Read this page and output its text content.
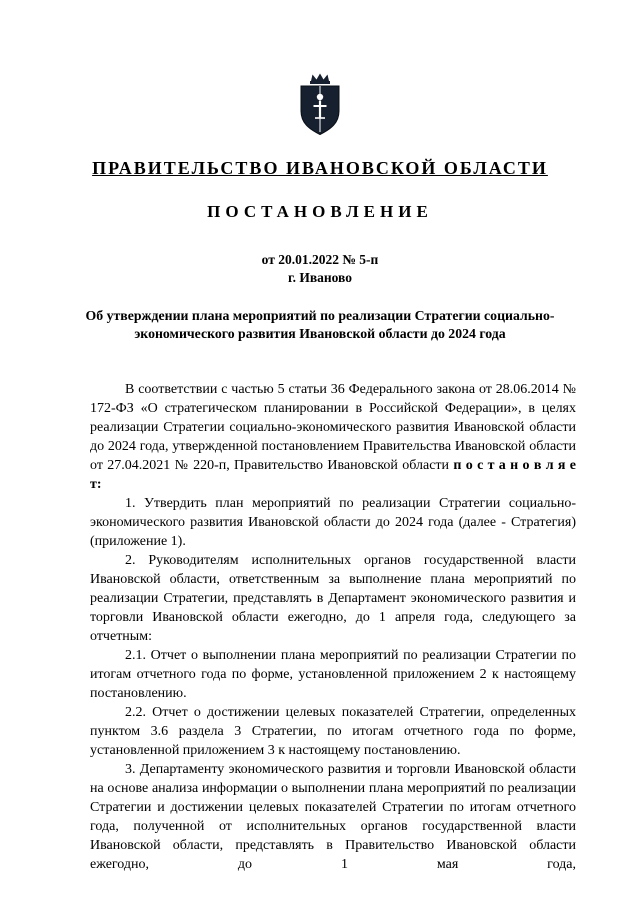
ПРАВИТЕЛЬСТВО ИВАНОВСКОЙ ОБЛАСТИ
ПОСТАНОВЛЕНИЕ
от 20.01.2022 № 5-п
г. Иваново
Об утверждении плана мероприятий по реализации Стратегии социально-экономического развития Ивановской области до 2024 года

В соответствии с частью 5 статьи 36 Федерального закона от 28.06.2014 № 172-ФЗ «О стратегическом планировании в Российской Федерации», в целях реализации Стратегии социально-экономического развития Ивановской области до 2024 года, утвержденной постановлением Правительства Ивановской области от 27.04.2021 № 220-п, Правительство Ивановской области п о с т а н о в л я е т:

1. Утвердить план мероприятий по реализации Стратегии социально-экономического развития Ивановской области до 2024 года (далее - Стратегия) (приложение 1).

2. Руководителям исполнительных органов государственной власти Ивановской области, ответственным за выполнение плана мероприятий по реализации Стратегии, представлять в Департамент экономического развития и торговли Ивановской области ежегодно, до 1 апреля года, следующего за отчетным:

2.1. Отчет о выполнении плана мероприятий по реализации Стратегии по итогам отчетного года по форме, установленной приложением 2 к настоящему постановлению.

2.2. Отчет о достижении целевых показателей Стратегии, определенных пунктом 3.6 раздела 3 Стратегии, по итогам отчетного года по форме, установленной приложением 3 к настоящему постановлению.

3. Департаменту экономического развития и торговли Ивановской области на основе анализа информации о выполнении плана мероприятий по реализации Стратегии и достижении целевых показателей Стратегии по итогам отчетного года, полученной от исполнительных органов государственной власти Ивановской области, представлять в Правительство Ивановской области ежегодно, до 1 мая года,
